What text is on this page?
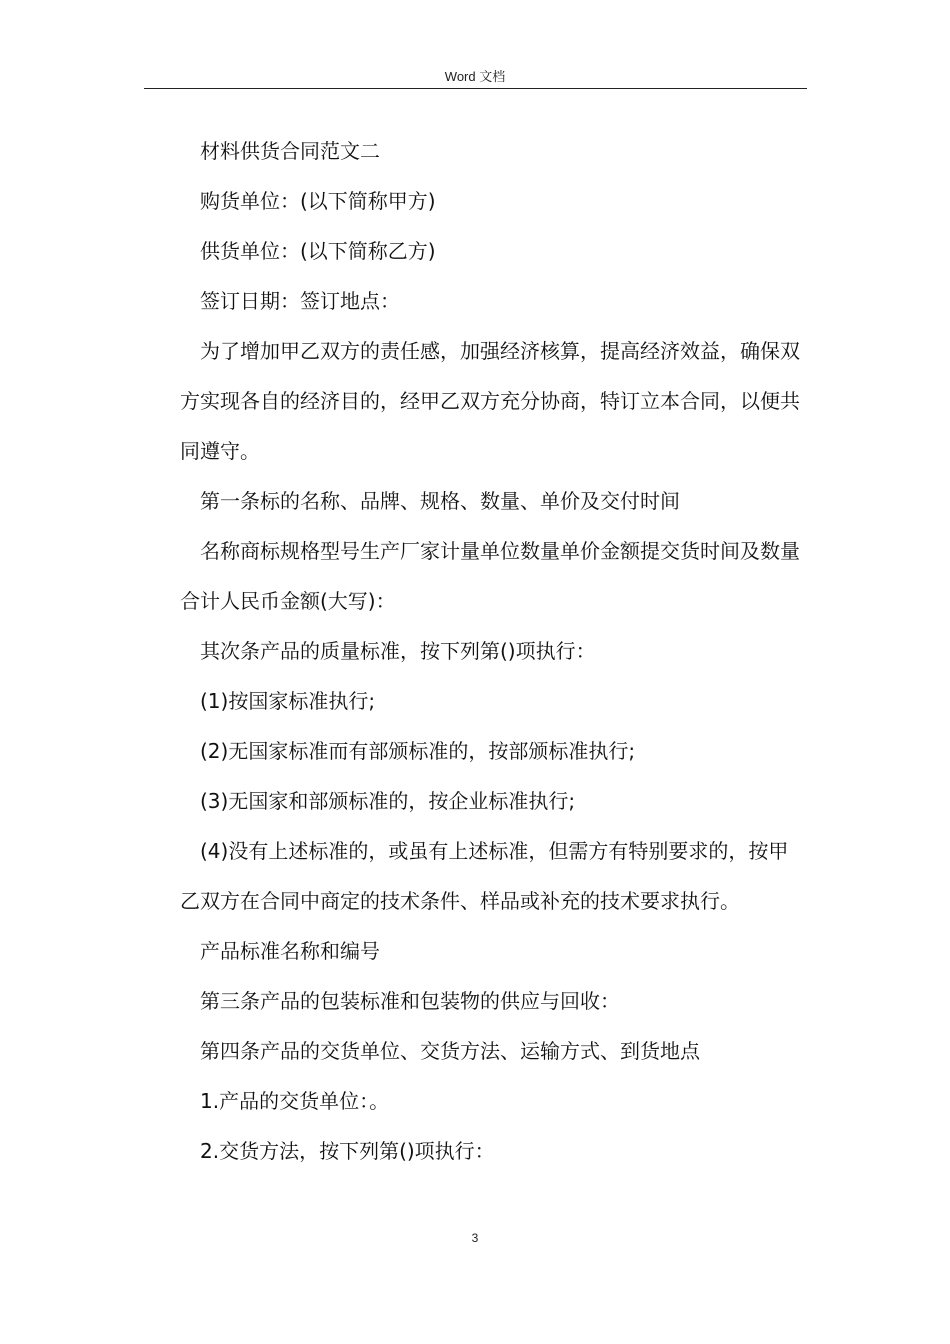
Word 文档

材料供货合同范文二

购货单位：(以下简称甲方)

供货单位：(以下简称乙方)

签订日期：签订地点：

为了增加甲乙双方的责任感，加强经济核算，提高经济效益，确保双方实现各自的经济目的，经甲乙双方充分协商，特订立本合同，以便共同遵守。

第一条标的名称、品牌、规格、数量、单价及交付时间

名称商标规格型号生产厂家计量单位数量单价金额提交货时间及数量合计人民币金额(大写)：

其次条产品的质量标准，按下列第()项执行：

(1)按国家标准执行;

(2)无国家标准而有部颁标准的，按部颁标准执行;

(3)无国家和部颁标准的，按企业标准执行;

(4)没有上述标准的，或虽有上述标准，但需方有特别要求的，按甲乙双方在合同中商定的技术条件、样品或补充的技术要求执行。

产品标准名称和编号

第三条产品的包装标准和包装物的供应与回收：

第四条产品的交货单位、交货方法、运输方式、到货地点

1.产品的交货单位：。

2.交货方法，按下列第()项执行：

3
